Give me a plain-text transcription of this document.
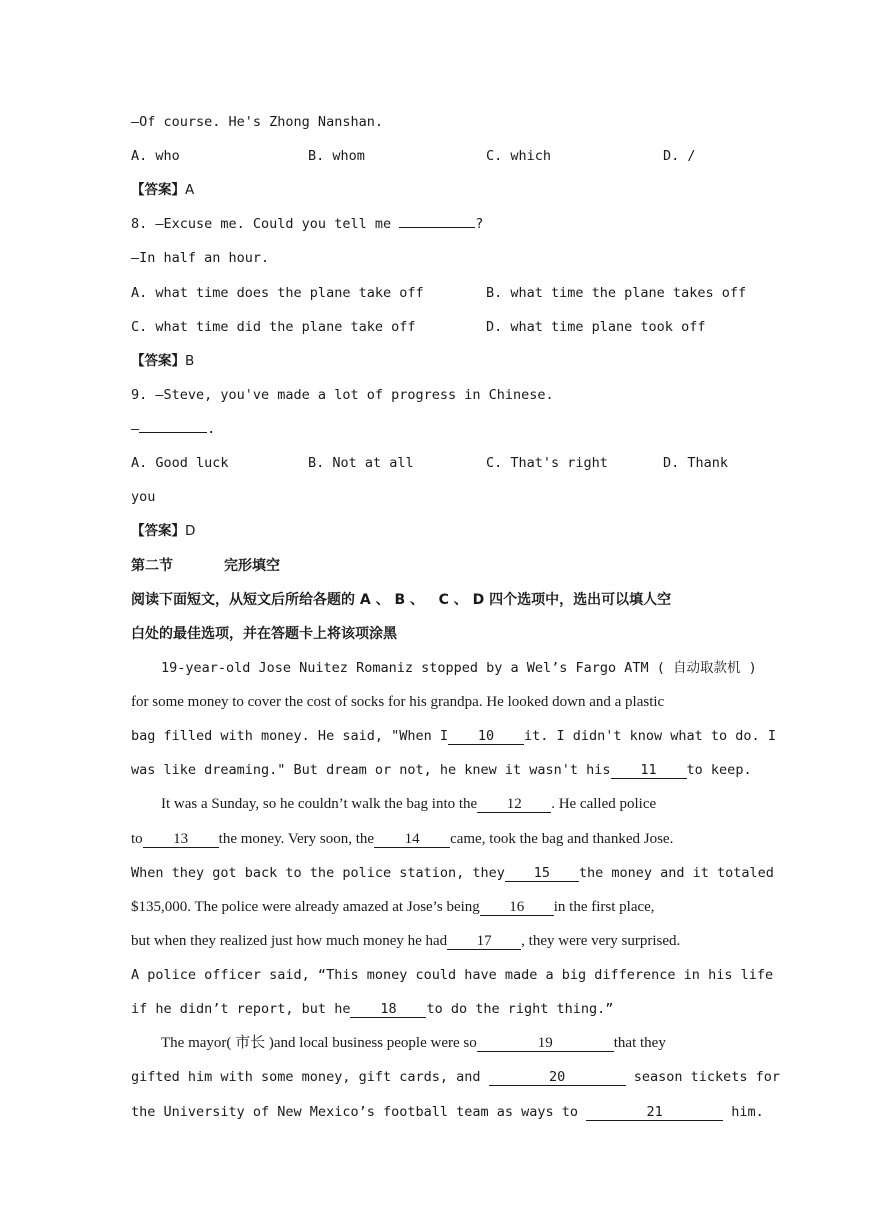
—Of course. He's Zhong Nanshan.
A. who	B. whom	C. which	D. /
【答案】A
8. —Excuse me. Could you tell me	?
—In half an hour.
A. what time does the plane take off	B. what time the plane takes off
C. what time did the plane take off	D. what time plane took off
【答案】B
9. —Steve, you've made a lot of progress in Chinese.
—	.
A. Good luck	B. Not at all	C. That's right	D. Thank
you
【答案】D
第二节	完形填空
阅读下面短文，从短文后所给各题的 A 、 B 、   C 、 D 四个选项中，选出可以填人空
白处的最佳选项，并在答题卡上将该项涂黑
19-year-old Jose Nuitez Romaniz stopped by a Wel’s Fargo ATM ( 自动取款机 )
for some money to cover the cost of socks for his grandpa. He looked down and a plastic
bag filled with money. He said, "When I 10 it. I didn't know what to do. I
was like dreaming." But dream or not, he knew it wasn't his 11 to keep.
It was a Sunday, so he couldn’t walk the bag into the 12 . He called police
to 13 the money. Very soon, the 14 came, took the bag and thanked Jose.
When they got back to the police station, they 15 the money and it totaled
$135,000. The police were already amazed at Jose’s being 16 in the first place,
but when they realized just how much money he had 17 , they were very surprised.
A police officer said, “This money could have made a big difference in his life
if he didn’t report, but he 18 to do the right thing.”
The mayor( 市长 )and local business people were so	19	that they
gifted him with some money, gift cards, and	20	season tickets for
the University of New Mexico’s football team as ways to	21	him.
